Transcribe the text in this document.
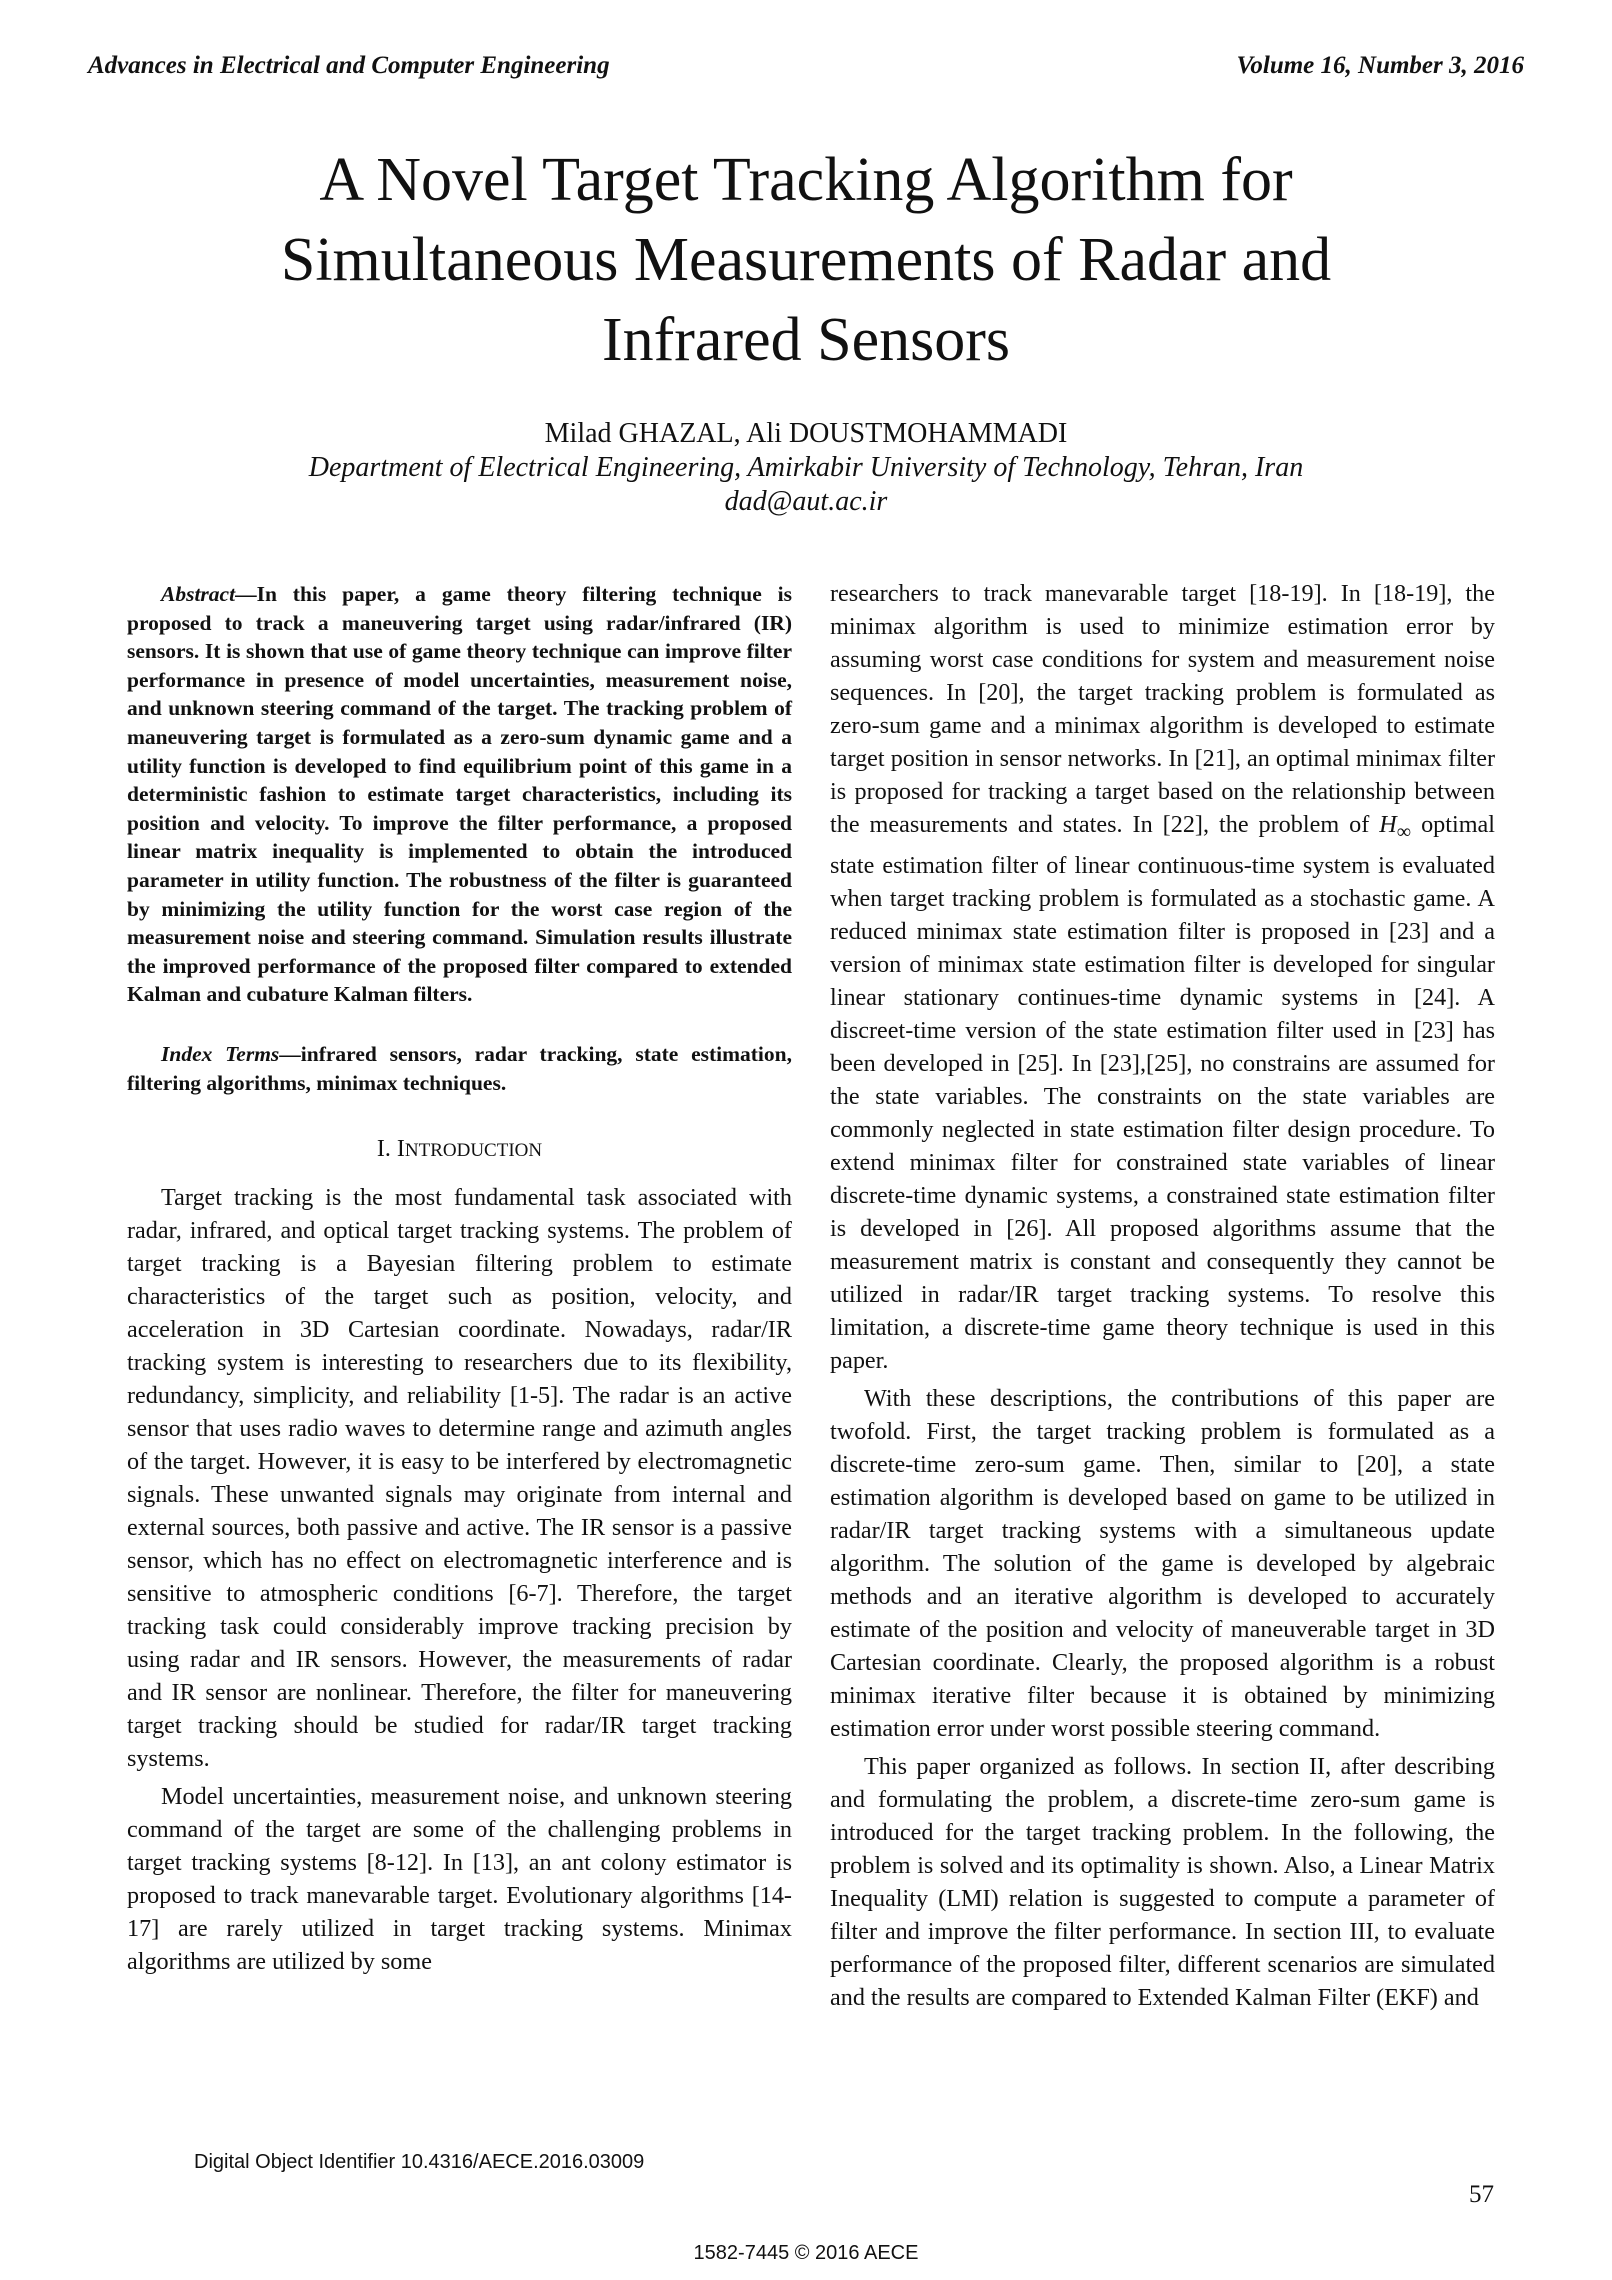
Advances in Electrical and Computer Engineering	Volume 16, Number 3, 2016
A Novel Target Tracking Algorithm for
Simultaneous Measurements of Radar and
Infrared Sensors
Milad GHAZAL, Ali DOUSTMOHAMMADI
Department of Electrical Engineering, Amirkabir University of Technology, Tehran, Iran
dad@aut.ac.ir

Abstract—In this paper, a game theory filtering technique is proposed to track a maneuvering target using radar/infrared (IR) sensors. It is shown that use of game theory technique can improve filter performance in presence of model uncertainties, measurement noise, and unknown steering command of the target. The tracking problem of maneuvering target is formulated as a zero-sum dynamic game and a utility function is developed to find equilibrium point of this game in a deterministic fashion to estimate target characteristics, including its position and velocity. To improve the filter performance, a proposed linear matrix inequality is implemented to obtain the introduced parameter in utility function. The robustness of the filter is guaranteed by minimizing the utility function for the worst case region of the measurement noise and steering command. Simulation results illustrate the improved performance of the proposed filter compared to extended Kalman and cubature Kalman filters.

Index Terms—infrared sensors, radar tracking, state estimation, filtering algorithms, minimax techniques.

I. INTRODUCTION

Target tracking is the most fundamental task associated with radar, infrared, and optical target tracking systems. The problem of target tracking is a Bayesian filtering problem to estimate characteristics of the target such as position, velocity, and acceleration in 3D Cartesian coordinate. Nowadays, radar/IR tracking system is interesting to researchers due to its flexibility, redundancy, simplicity, and reliability [1-5]. The radar is an active sensor that uses radio waves to determine range and azimuth angles of the target. However, it is easy to be interfered by electromagnetic signals. These unwanted signals may originate from internal and external sources, both passive and active. The IR sensor is a passive sensor, which has no effect on electromagnetic interference and is sensitive to atmospheric conditions [6-7]. Therefore, the target tracking task could considerably improve tracking precision by using radar and IR sensors. However, the measurements of radar and IR sensor are nonlinear. Therefore, the filter for maneuvering target tracking should be studied for radar/IR target tracking systems.

Model uncertainties, measurement noise, and unknown steering command of the target are some of the challenging problems in target tracking systems [8-12]. In [13], an ant colony estimator is proposed to track manevarable target. Evolutionary algorithms [14-17] are rarely utilized in target tracking systems. Minimax algorithms are utilized by some

researchers to track manevarable target [18-19]. In [18-19], the minimax algorithm is used to minimize estimation error by assuming worst case conditions for system and measurement noise sequences. In [20], the target tracking problem is formulated as zero-sum game and a minimax algorithm is developed to estimate target position in sensor networks. In [21], an optimal minimax filter is proposed for tracking a target based on the relationship between the measurements and states. In [22], the problem of $H_\infty$ optimal state estimation filter of linear continuous-time system is evaluated when target tracking problem is formulated as a stochastic game. A reduced minimax state estimation filter is proposed in [23] and a version of minimax state estimation filter is developed for singular linear stationary continues-time dynamic systems in [24]. A discreet-time version of the state estimation filter used in [23] has been developed in [25]. In [23],[25], no constrains are assumed for the state variables. The constraints on the state variables are commonly neglected in state estimation filter design procedure. To extend minimax filter for constrained state variables of linear discrete-time dynamic systems, a constrained state estimation filter is developed in [26]. All proposed algorithms assume that the measurement matrix is constant and consequently they cannot be utilized in radar/IR target tracking systems. To resolve this limitation, a discrete-time game theory technique is used in this paper.

With these descriptions, the contributions of this paper are twofold. First, the target tracking problem is formulated as a discrete-time zero-sum game. Then, similar to [20], a state estimation algorithm is developed based on game to be utilized in radar/IR target tracking systems with a simultaneous update algorithm. The solution of the game is developed by algebraic methods and an iterative algorithm is developed to accurately estimate of the position and velocity of maneuverable target in 3D Cartesian coordinate. Clearly, the proposed algorithm is a robust minimax iterative filter because it is obtained by minimizing estimation error under worst possible steering command.

This paper organized as follows. In section II, after describing and formulating the problem, a discrete-time zero-sum game is introduced for the target tracking problem. In the following, the problem is solved and its optimality is shown. Also, a Linear Matrix Inequality (LMI) relation is suggested to compute a parameter of filter and improve the filter performance. In section III, to evaluate performance of the proposed filter, different scenarios are simulated and the results are compared to Extended Kalman Filter (EKF) and

Digital Object Identifier 10.4316/AECE.2016.03009
57
1582-7445 © 2016 AECE
